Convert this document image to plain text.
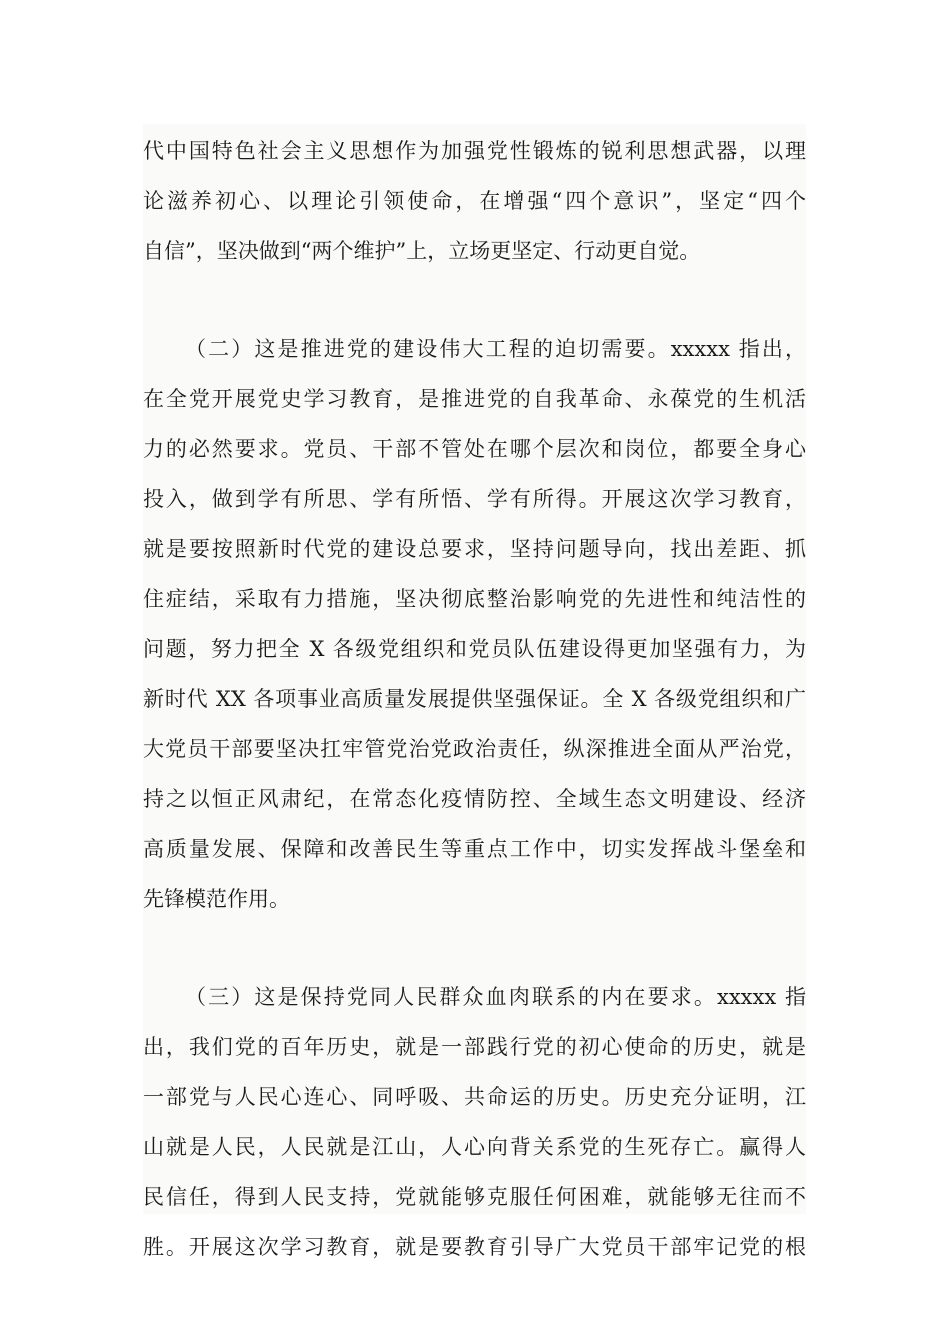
代中国特色社会主义思想作为加强党性锻炼的锐利思想武器，以理
论滋养初心、以理论引领使命，在增强“四个意识”，坚定“四个
自信”，坚决做到“两个维护”上，立场更坚定、行动更自觉。
（二）这是推进党的建设伟大工程的迫切需要。xxxxx 指出，
在全党开展党史学习教育，是推进党的自我革命、永葆党的生机活
力的必然要求。党员、干部不管处在哪个层次和岗位，都要全身心
投入，做到学有所思、学有所悟、学有所得。开展这次学习教育，
就是要按照新时代党的建设总要求，坚持问题导向，找出差距、抓
住症结，采取有力措施，坚决彻底整治影响党的先进性和纯洁性的
问题，努力把全 X 各级党组织和党员队伍建设得更加坚强有力，为
新时代 XX 各项事业高质量发展提供坚强保证。全 X 各级党组织和广
大党员干部要坚决扛牢管党治党政治责任，纵深推进全面从严治党，
持之以恒正风肃纪，在常态化疫情防控、全域生态文明建设、经济
高质量发展、保障和改善民生等重点工作中，切实发挥战斗堡垒和
先锋模范作用。
（三）这是保持党同人民群众血肉联系的内在要求。xxxxx 指
出，我们党的百年历史，就是一部践行党的初心使命的历史，就是
一部党与人民心连心、同呼吸、共命运的历史。历史充分证明，江
山就是人民，人民就是江山，人心向背关系党的生死存亡。赢得人
民信任，得到人民支持，党就能够克服任何困难，就能够无往而不
胜。开展这次学习教育，就是要教育引导广大党员干部牢记党的根
